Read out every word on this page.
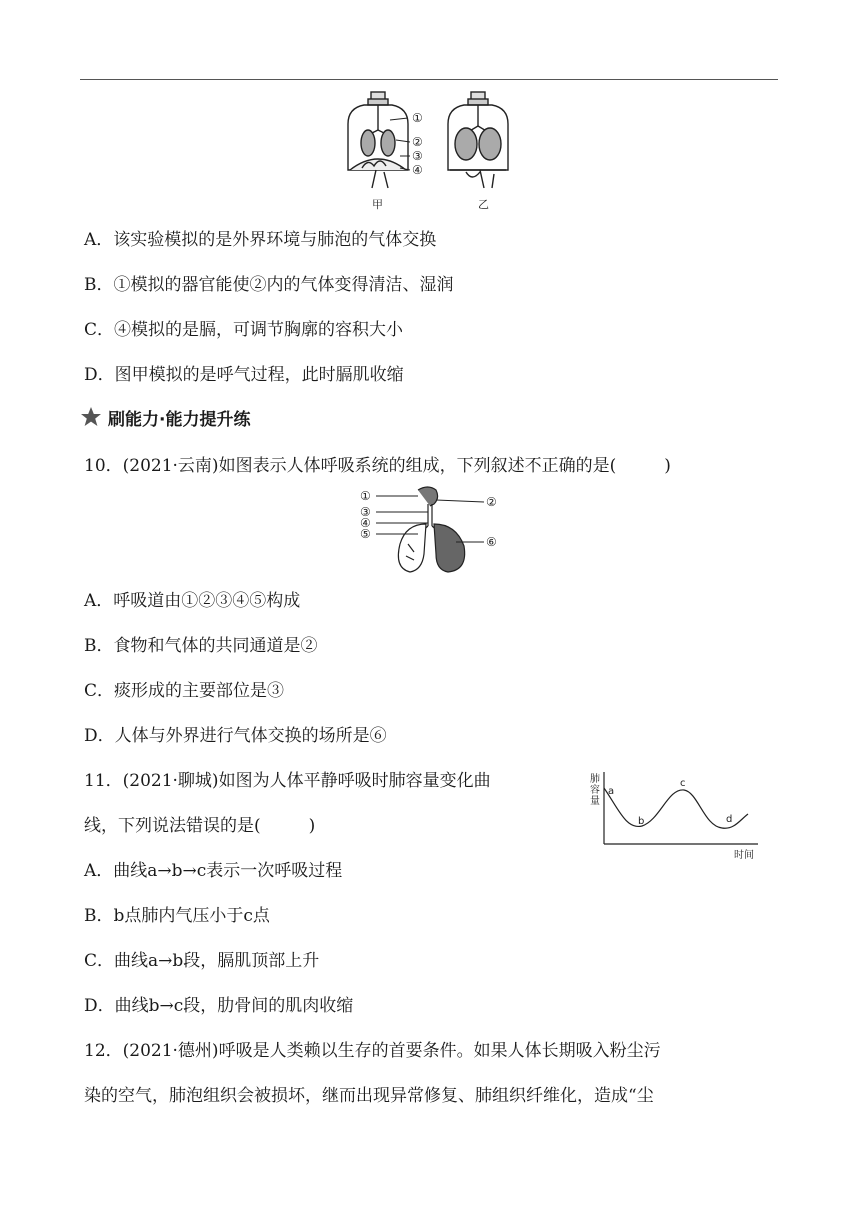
①
②
③
④
甲	乙
A．该实验模拟的是外界环境与肺泡的气体交换
B．①模拟的器官能使②内的气体变得清洁、湿润
C．④模拟的是膈，可调节胸廓的容积大小
D．图甲模拟的是呼气过程，此时膈肌收缩
刷能力·能力提升练
10．(2021·云南)如图表示人体呼吸系统的组成，下列叙述不正确的是(	)
①	②
③
④
⑤
⑥
A．呼吸道由①②③④⑤构成
B．食物和气体的共同通道是②
C．痰形成的主要部位是③
D．人体与外界进行气体交换的场所是⑥
11．(2021·聊城)如图为人体平静呼吸时肺容量变化曲
线，下列说法错误的是(	)
肺
容
量
时间
a
b
c
d
A．曲线a→b→c表示一次呼吸过程
B．b点肺内气压小于c点
C．曲线a→b段，膈肌顶部上升
D．曲线b→c段，肋骨间的肌肉收缩
12．(2021·德州)呼吸是人类赖以生存的首要条件。如果人体长期吸入粉尘污
染的空气，肺泡组织会被损坏，继而出现异常修复、肺组织纤维化，造成“尘
